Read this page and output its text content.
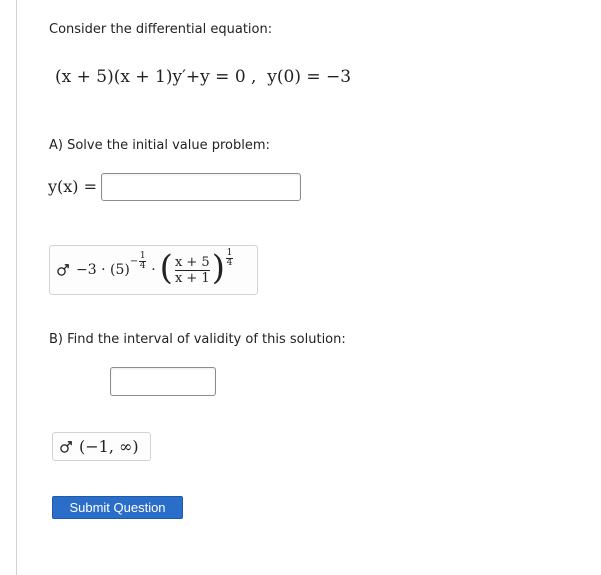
Consider the differential equation:
(x + 5)(x + 1)y′+y = 0 , y(0) = −3
A) Solve the initial value problem:
y(x) =
−3 · (5)
− 1
4 · ( $\frac{x + 5}{x + 1}$ ) 1
4
B) Find the interval of validity of this solution:
(−1, ∞)
Submit Question
